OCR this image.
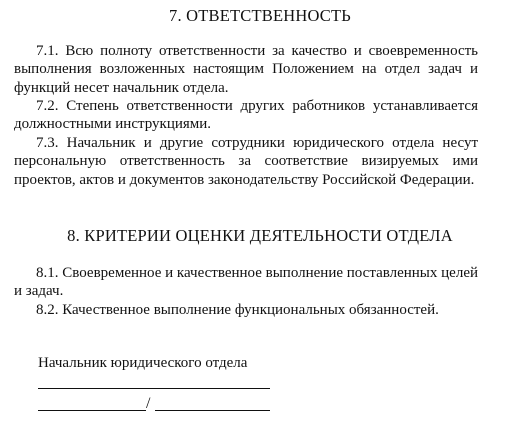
7. ОТВЕТСТВЕННОСТЬ
7.1. Всю полноту ответственности за качество и своевременность выполнения возложенных настоящим Положением на отдел задач и функций несет начальник отдела.
7.2. Степень ответственности других работников устанавливается должностными инструкциями.
7.3. Начальник и другие сотрудники юридического отдела несут персональную ответственность за соответствие визируемых ими проектов, актов и документов законодательству Российской Федерации.
8. КРИТЕРИИ ОЦЕНКИ ДЕЯТЕЛЬНОСТИ ОТДЕЛА
8.1. Своевременное и качественное выполнение поставленных целей и задач.
8.2. Качественное выполнение функциональных обязанностей.
Начальник юридического отдела
/
